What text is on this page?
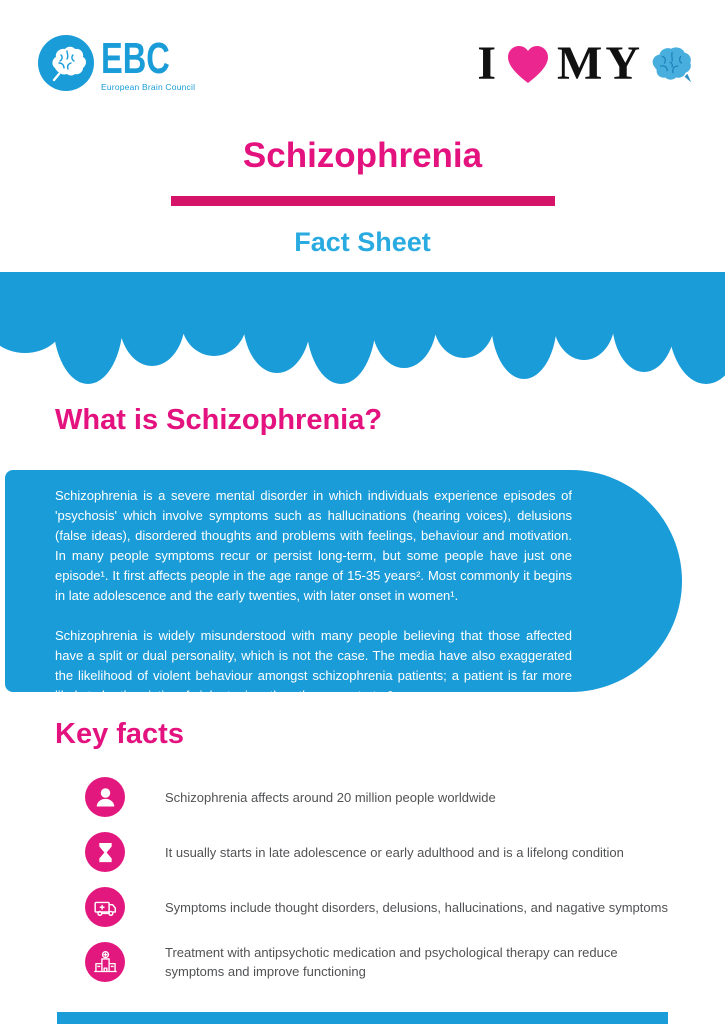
EBC
European Brain Council	I MY
Schizophrenia
Fact Sheet
What is Schizophrenia?

Schizophrenia is a severe mental disorder in which individuals experience episodes of 'psychosis' which involve symptoms such as hallucinations (hearing voices), delusions (false ideas), disordered thoughts and problems with feelings, behaviour and motivation. In many people symptoms recur or persist long-term, but some people have just one episode¹. It first affects people in the age range of 15-35 years². Most commonly it begins in late adolescence and the early twenties, with later onset in women¹.

Schizophrenia is widely misunderstood with many people believing that those affected have a split or dual personality, which is not the case. The media have also exaggerated the likelihood of violent behaviour amongst schizophrenia patients; a patient is far more likely to be the victim of violent crime than the perpertrator³.

Key facts

Schizophrenia affects around 20 million people worldwide

It usually starts in late adolescence or early adulthood and is a lifelong condition

Symptoms include thought disorders, delusions, hallucinations, and nagative symptoms

Treatment with antipsychotic medication and psychological therapy can reduce symptoms and improve functioning
